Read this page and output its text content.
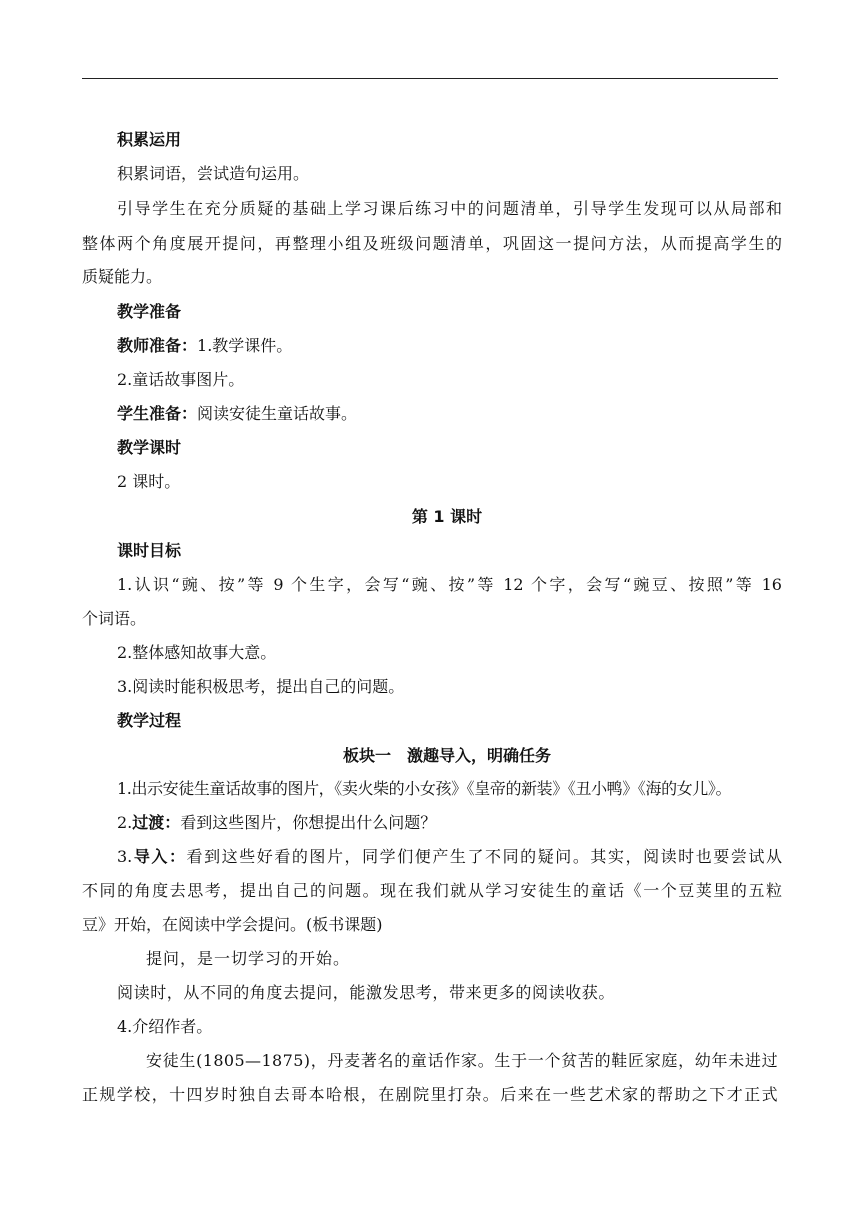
积累运用
积累词语，尝试造句运用。
引导学生在充分质疑的基础上学习课后练习中的问题清单，引导学生发现可以从局部和
整体两个角度展开提问，再整理小组及班级问题清单，巩固这一提问方法，从而提高学生的
质疑能力。
教学准备
教师准备：1.教学课件。
2.童话故事图片。
学生准备：阅读安徒生童话故事。
教学课时
2 课时。
第 1 课时
课时目标
1.认识“豌、按”等 9 个生字，会写“豌、按”等 12 个字，会写“豌豆、按照”等 16
个词语。
2.整体感知故事大意。
3.阅读时能积极思考，提出自己的问题。
教学过程
板块一　激趣导入，明确任务
1.出示安徒生童话故事的图片，《卖火柴的小女孩》《皇帝的新装》《丑小鸭》《海的女儿》。
2.过渡：看到这些图片，你想提出什么问题？
3.导入：看到这些好看的图片，同学们便产生了不同的疑问。其实，阅读时也要尝试从
不同的角度去思考，提出自己的问题。现在我们就从学习安徒生的童话《一个豆荚里的五粒
豆》开始，在阅读中学会提问。(板书课题)
提问，是一切学习的开始。
阅读时，从不同的角度去提问，能激发思考，带来更多的阅读收获。
4.介绍作者。
安徒生(1805—1875)，丹麦著名的童话作家。生于一个贫苦的鞋匠家庭，幼年未进过
正规学校，十四岁时独自去哥本哈根，在剧院里打杂。后来在一些艺术家的帮助之下才正式
